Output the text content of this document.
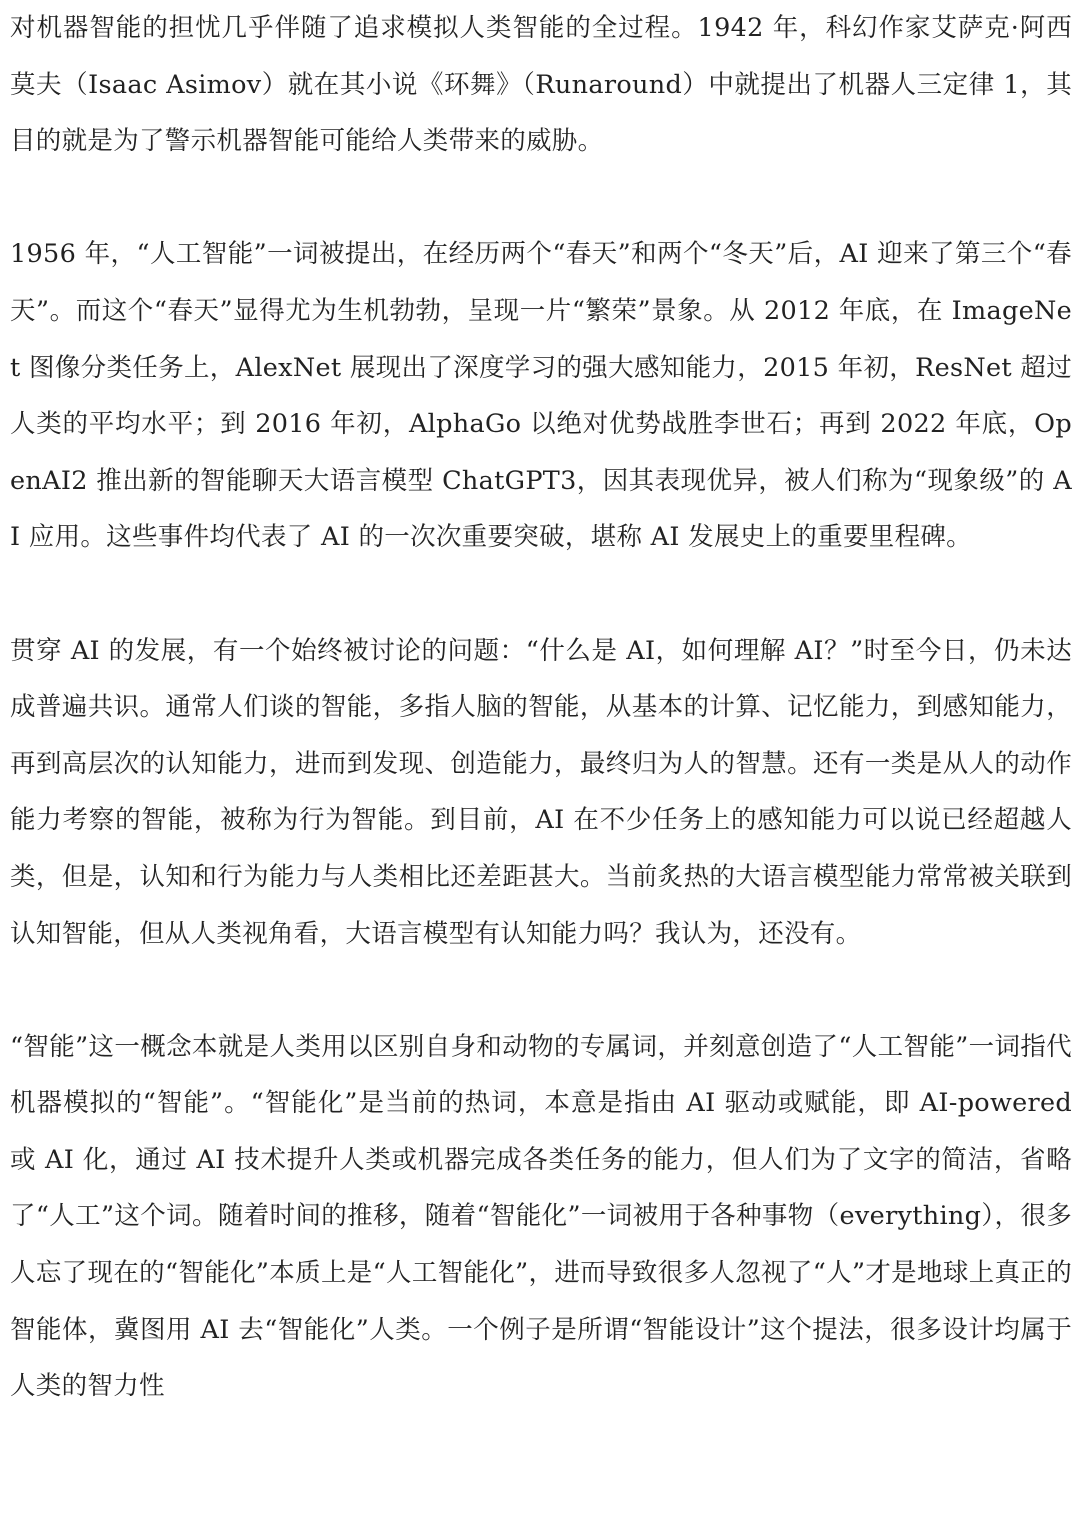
对机器智能的担忧几乎伴随了追求模拟人类智能的全过程。1942 年，科幻作家艾萨克·阿西莫夫（Isaac Asimov）就在其小说《环舞》（Runaround）中就提出了机器人三定律 1，其目的就是为了警示机器智能可能给人类带来的威胁。

1956 年，“人工智能”一词被提出，在经历两个“春天”和两个“冬天”后，AI 迎来了第三个“春天”。而这个“春天”显得尤为生机勃勃，呈现一片“繁荣”景象。从 2012 年底，在 ImageNet 图像分类任务上，AlexNet 展现出了深度学习的强大感知能力，2015 年初，ResNet 超过人类的平均水平；到 2016 年初，AlphaGo 以绝对优势战胜李世石；再到 2022 年底，OpenAI2 推出新的智能聊天大语言模型 ChatGPT3，因其表现优异，被人们称为“现象级”的 AI 应用。这些事件均代表了 AI 的一次次重要突破，堪称 AI 发展史上的重要里程碑。

贯穿 AI 的发展，有一个始终被讨论的问题：“什么是 AI，如何理解 AI？”时至今日，仍未达成普遍共识。通常人们谈的智能，多指人脑的智能，从基本的计算、记忆能力，到感知能力，再到高层次的认知能力，进而到发现、创造能力，最终归为人的智慧。还有一类是从人的动作能力考察的智能，被称为行为智能。到目前，AI 在不少任务上的感知能力可以说已经超越人类，但是，认知和行为能力与人类相比还差距甚大。当前炙热的大语言模型能力常常被关联到认知智能，但从人类视角看，大语言模型有认知能力吗？我认为，还没有。

“智能”这一概念本就是人类用以区别自身和动物的专属词，并刻意创造了“人工智能”一词指代机器模拟的“智能”。“智能化”是当前的热词，本意是指由 AI 驱动或赋能，即 AI-powered 或 AI 化，通过 AI 技术提升人类或机器完成各类任务的能力，但人们为了文字的简洁，省略了“人工”这个词。随着时间的推移，随着“智能化”一词被用于各种事物（everything），很多人忘了现在的“智能化”本质上是“人工智能化”，进而导致很多人忽视了“人”才是地球上真正的智能体，冀图用 AI 去“智能化”人类。一个例子是所谓“智能设计”这个提法，很多设计均属于人类的智力性
